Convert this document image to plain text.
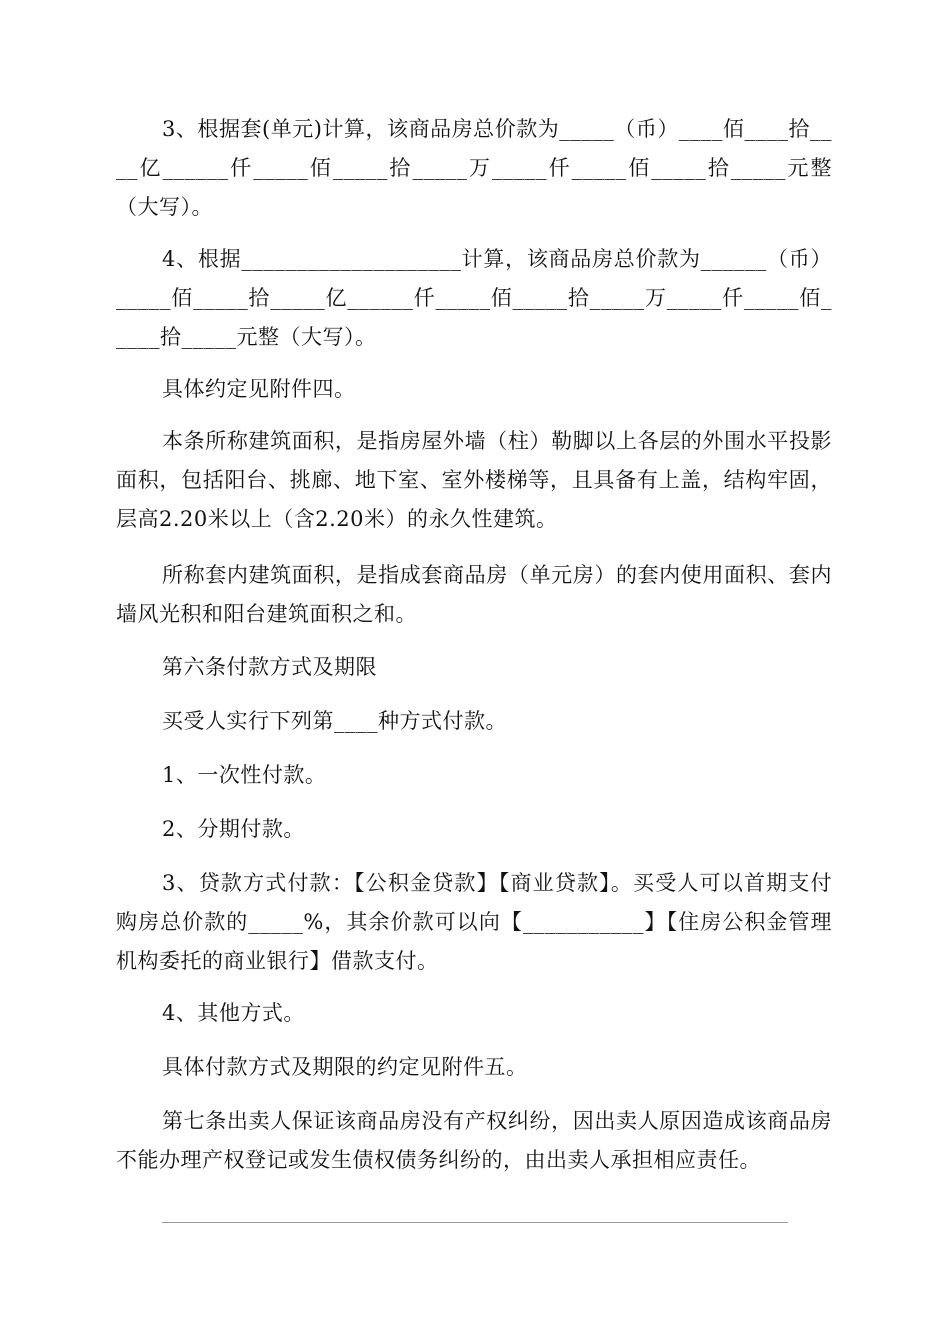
3、根据套(单元)计算，该商品房总价款为_____（币）____佰____拾____亿______仟_____佰_____拾_____万_____仟_____佰_____拾_____元整（大写）。

4、根据____________________计算，该商品房总价款为______（币）_____佰_____拾_____亿______仟_____佰_____拾_____万_____仟_____佰_____拾_____元整（大写）。

具体约定见附件四。

本条所称建筑面积，是指房屋外墙（柱）勒脚以上各层的外围水平投影面积，包括阳台、挑廊、地下室、室外楼梯等，且具备有上盖，结构牢固，层高2.20米以上（含2.20米）的永久性建筑。

所称套内建筑面积，是指成套商品房（单元房）的套内使用面积、套内墙风光积和阳台建筑面积之和。

第六条付款方式及期限

买受人实行下列第____种方式付款。

1、一次性付款。

2、分期付款。

3、贷款方式付款：【公积金贷款】【商业贷款】。买受人可以首期支付购房总价款的_____%，其余价款可以向【___________】【住房公积金管理机构委托的商业银行】借款支付。

4、其他方式。

具体付款方式及期限的约定见附件五。

第七条出卖人保证该商品房没有产权纠纷，因出卖人原因造成该商品房不能办理产权登记或发生债权债务纠纷的，由出卖人承担相应责任。
